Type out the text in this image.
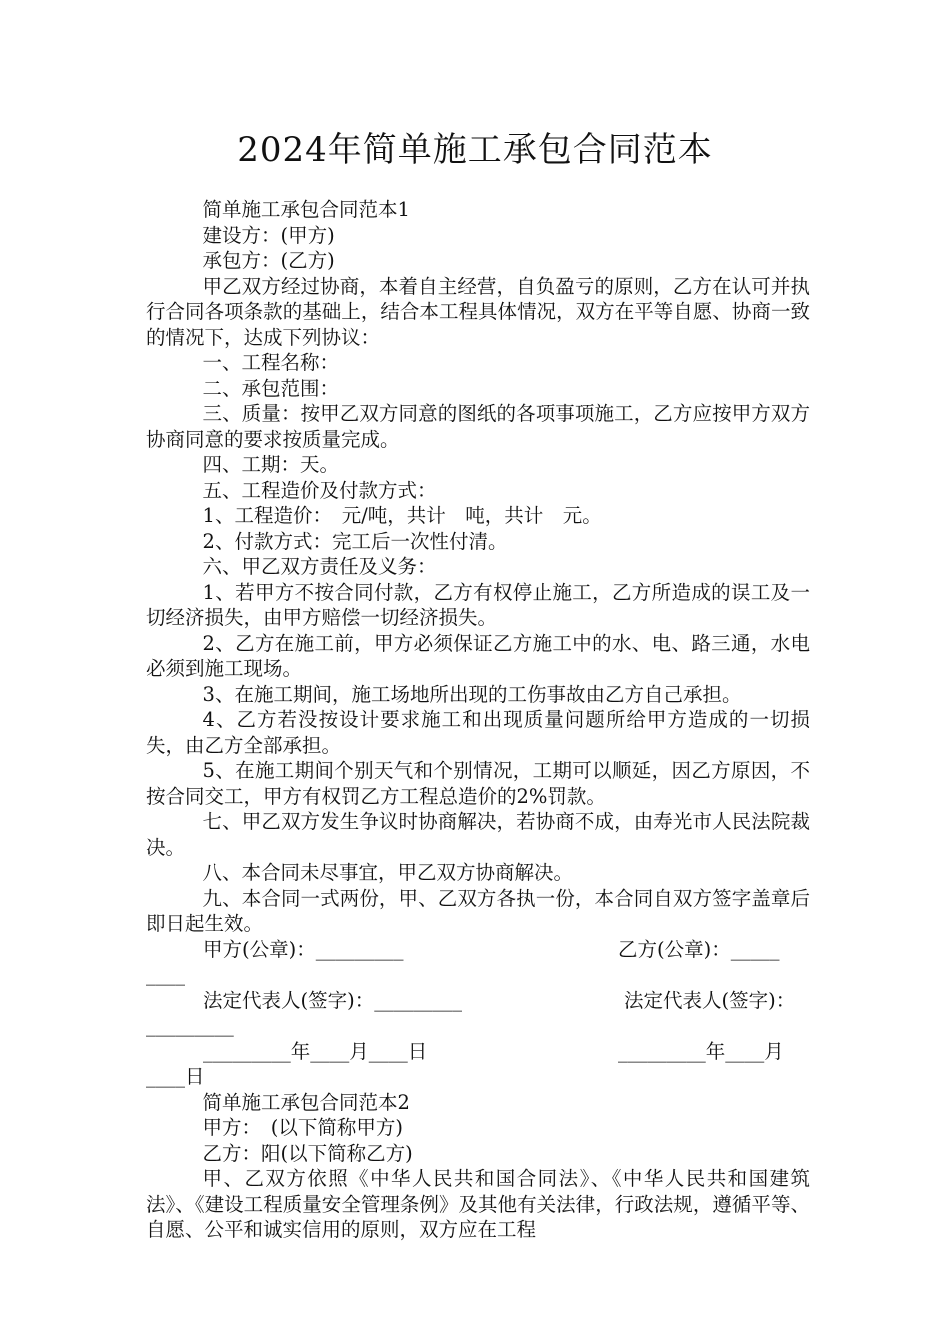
2024年简单施工承包合同范本

简单施工承包合同范本1

建设方：(甲方)

承包方：(乙方)

甲乙双方经过协商，本着自主经营，自负盈亏的原则，乙方在认可并执行合同各项条款的基础上，结合本工程具体情况，双方在平等自愿、协商一致的情况下，达成下列协议：

一、工程名称：

二、承包范围：

三、质量：按甲乙双方同意的图纸的各项事项施工，乙方应按甲方双方协商同意的要求按质量完成。

四、工期：天。

五、工程造价及付款方式：

1、工程造价：　元/吨，共计　吨，共计　元。

2、付款方式：完工后一次性付清。

六、甲乙双方责任及义务：

1、若甲方不按合同付款，乙方有权停止施工，乙方所造成的误工及一切经济损失，由甲方赔偿一切经济损失。

2、乙方在施工前，甲方必须保证乙方施工中的水、电、路三通，水电必须到施工现场。

3、在施工期间，施工场地所出现的工伤事故由乙方自己承担。

4、乙方若没按设计要求施工和出现质量问题所给甲方造成的一切损失，由乙方全部承担。

5、在施工期间个别天气和个别情况，工期可以顺延，因乙方原因，不按合同交工，甲方有权罚乙方工程总造价的2%罚款。

七、甲乙双方发生争议时协商解决，若协商不成，由寿光市人民法院裁决。

八、本合同未尽事宜，甲乙双方协商解决。

九、本合同一式两份，甲、乙双方各执一份，本合同自双方签字盖章后即日起生效。

甲方(公章)：_________	乙方(公章)：_____
____
法定代表人(签字)：_________	法定代表人(签字)：
_________
_________年____月____日	_________年____月
____日

简单施工承包合同范本2

甲方：　(以下简称甲方)

乙方：阳(以下简称乙方)

甲、乙双方依照《中华人民共和国合同法》、《中华人民共和国建筑法》、《建设工程质量安全管理条例》及其他有关法律，行政法规，遵循平等、自愿、公平和诚实信用的原则，双方应在工程
